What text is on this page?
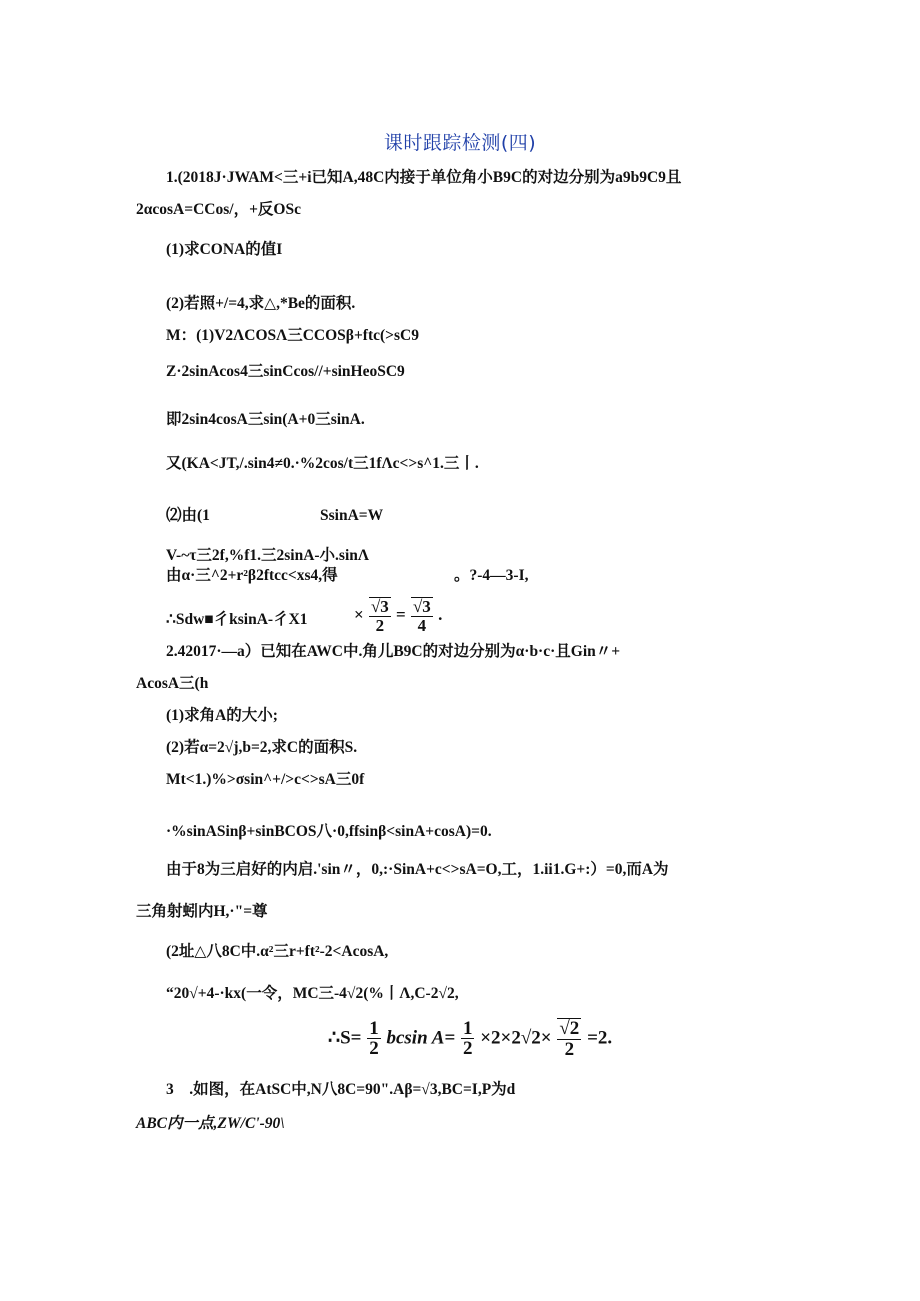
课时跟踪检测(四)
1.(2018J·JWAM<三+i已知A,48C内接于单位角小B9C的对边分别为a9b9C9且
2αcosA=CCos/，+反OSc
(1)求CONA的值I
(2)若照+/=4,求△,*Be的面积.
M：(1)V2ΛCOSΛ三CCOSβ+ftc(>sC9
Z·2sinAcos4三sinCcos//+sinHeoSC9
即2sin4cosA三sin(A+0三sinA.
又(KA<JT,/.sin4≠0.·%2cos/t三1fΛc<>s^1.三丨.
⑵由(1	SsinA=W
V-~τ三2f,%f1.三2sinA-小.sinΛ
由α·三^2+r²β2ftcc<xs4,得	。?-4—3-I,
∴Sdw■彳ksinA-彳X1	× $\frac{√3}{2} = \frac{√3}{4}$ .
2.42017·—a）已知在AWC中.角儿B9C的对边分别为α·b·c·且Gin〃+
AcosA三(h
(1)求角A的大小;
(2)若α=2√j,b=2,求C的面积S.
Mt<1.)%>σsin^+/>c<>sA三0f
·%sinASinβ+sinBCOS八·0,ffsinβ<sinA+cosA)=0.
由于8为三启好的内启.'sin〃，0,:·SinA+c<>sA=O,工，1.ii1.G+:）=0,而A为
三角射蚓内H,·"=尊
(2址△八8C中.α²三r+ft²-2<AcosA,
“20√+4-·kx(一令，MC三-4√2(%丨Λ,C-2√2,
∴S= $\frac{1}{2}$ bcsin $A= \frac{1}{2} \times 2\times 2√2\times \frac{√2}{2} =2$.
3　.如图，在AtSC中,N八8C=90".Aβ=√3,BC=I,P为d
ABC内一点,ZW/C'-90\
